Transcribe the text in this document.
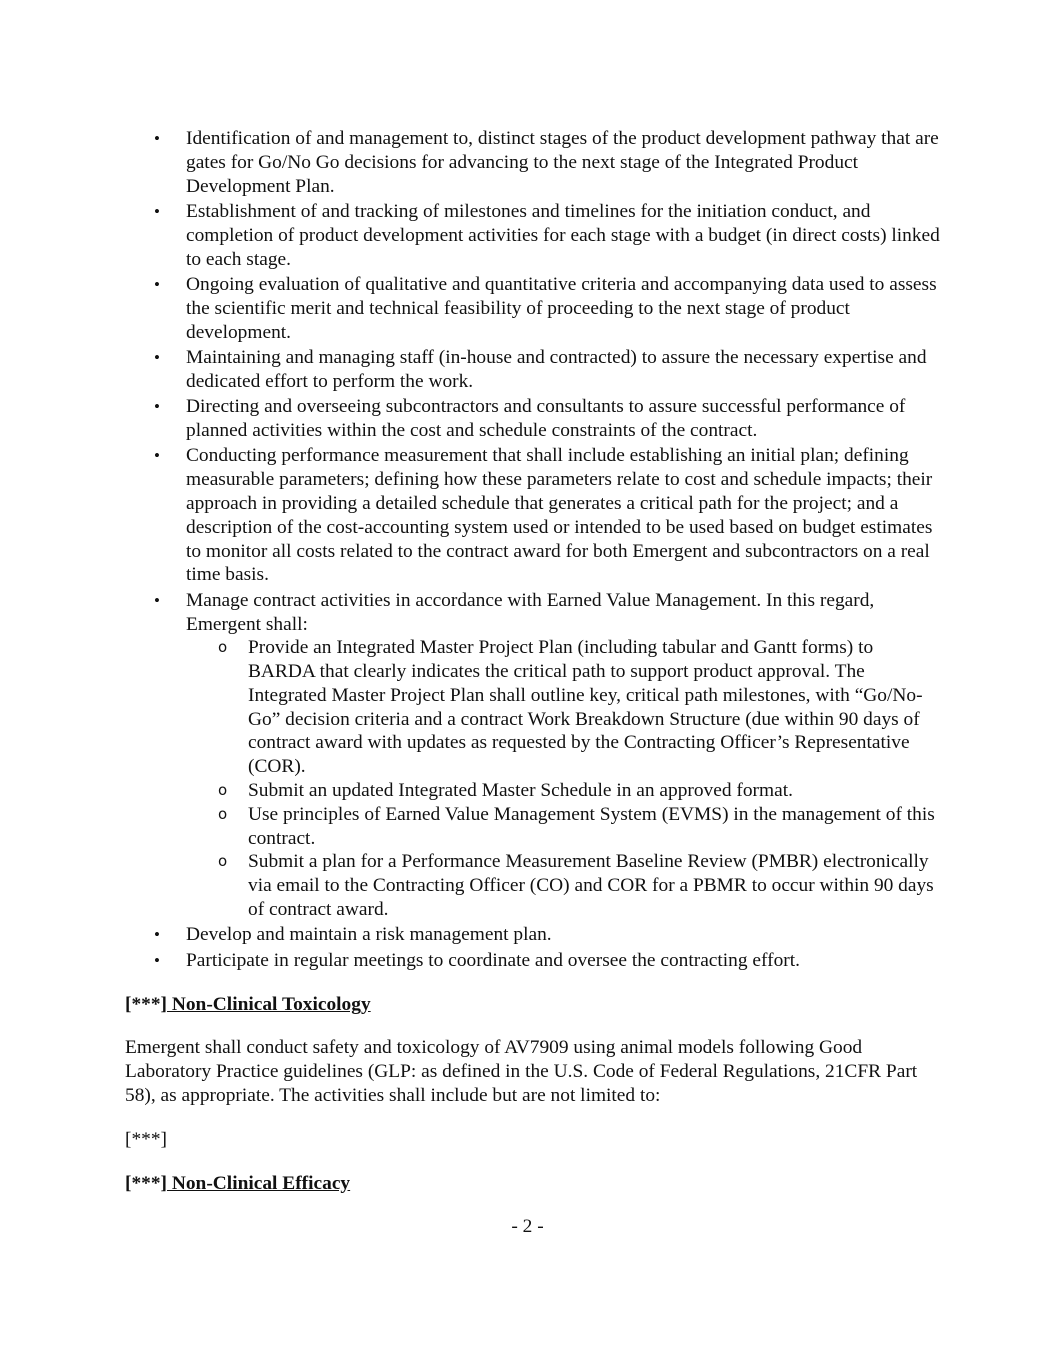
• Identification of and management to, distinct stages of the product development pathway that are gates for Go/No Go decisions for advancing to the next stage of the Integrated Product Development Plan.
• Establishment of and tracking of milestones and timelines for the initiation conduct, and completion of product development activities for each stage with a budget (in direct costs) linked to each stage.
• Ongoing evaluation of qualitative and quantitative criteria and accompanying data used to assess the scientific merit and technical feasibility of proceeding to the next stage of product development.
• Maintaining and managing staff (in-house and contracted) to assure the necessary expertise and dedicated effort to perform the work.
• Directing and overseeing subcontractors and consultants to assure successful performance of planned activities within the cost and schedule constraints of the contract.
• Conducting performance measurement that shall include establishing an initial plan; defining measurable parameters; defining how these parameters relate to cost and schedule impacts; their approach in providing a detailed schedule that generates a critical path for the project; and a description of the cost-accounting system used or intended to be used based on budget estimates to monitor all costs related to the contract award for both Emergent and subcontractors on a real time basis.
• Manage contract activities in accordance with Earned Value Management. In this regard, Emergent shall:
o Provide an Integrated Master Project Plan (including tabular and Gantt forms) to BARDA that clearly indicates the critical path to support product approval. The Integrated Master Project Plan shall outline key, critical path milestones, with “Go/No-Go” decision criteria and a contract Work Breakdown Structure (due within 90 days of contract award with updates as requested by the Contracting Officer’s Representative (COR).
o Submit an updated Integrated Master Schedule in an approved format.
o Use principles of Earned Value Management System (EVMS) in the management of this contract.
o Submit a plan for a Performance Measurement Baseline Review (PMBR) electronically via email to the Contracting Officer (CO) and COR for a PBMR to occur within 90 days of contract award.
• Develop and maintain a risk management plan.
• Participate in regular meetings to coordinate and oversee the contracting effort.
[***] Non-Clinical Toxicology
Emergent shall conduct safety and toxicology of AV7909 using animal models following Good Laboratory Practice guidelines (GLP: as defined in the U.S. Code of Federal Regulations, 21CFR Part 58), as appropriate. The activities shall include but are not limited to:
[***]
[***] Non-Clinical Efficacy
- 2 -
